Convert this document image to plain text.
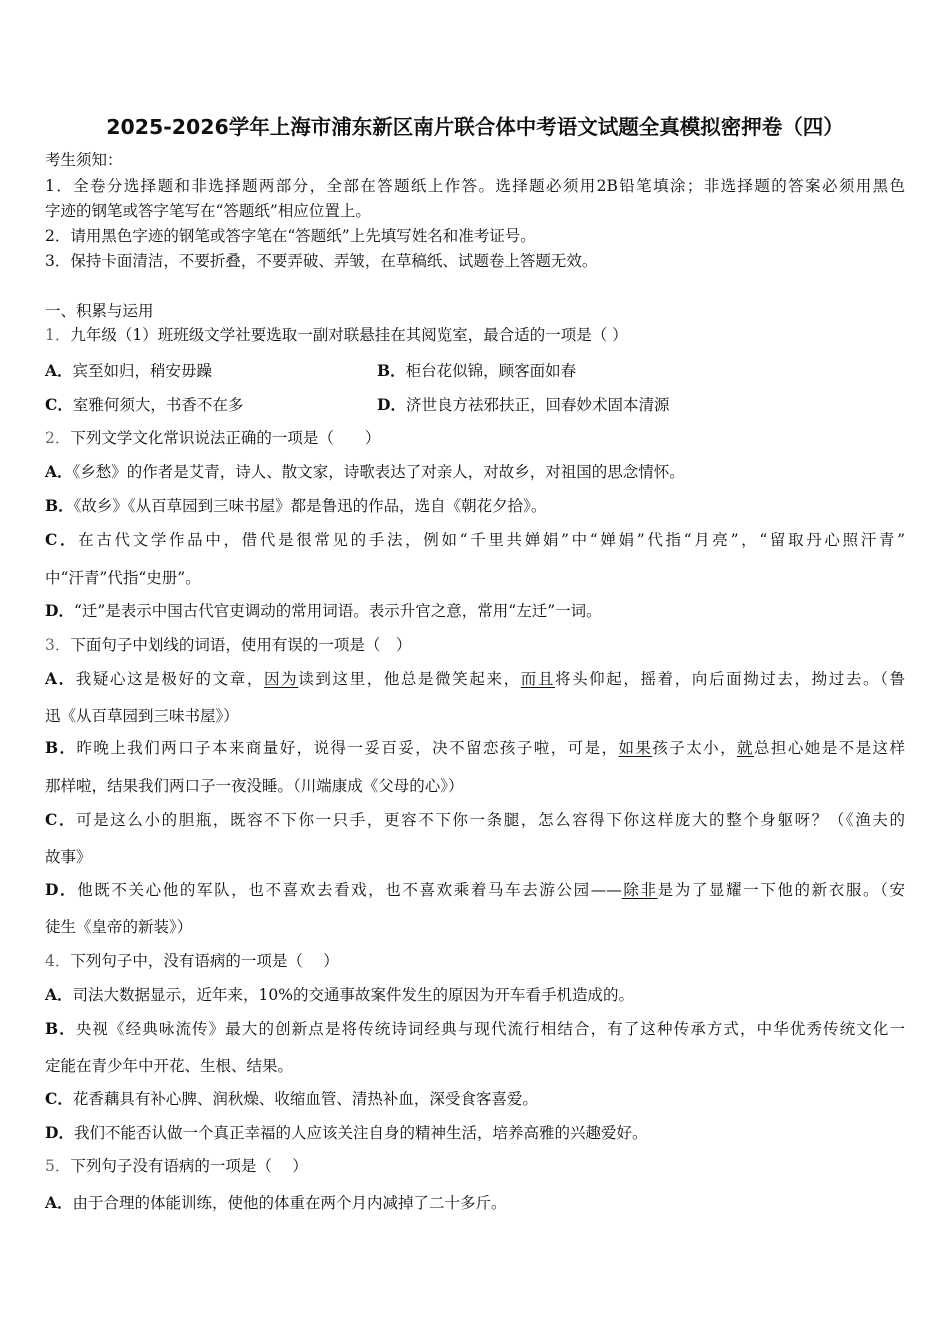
2025-2026学年上海市浦东新区南片联合体中考语文试题全真模拟密押卷（四）
考生须知：
1．全卷分选择题和非选择题两部分，全部在答题纸上作答。选择题必须用2B铅笔填涂；非选择题的答案必须用黑色
字迹的钢笔或答字笔写在“答题纸”相应位置上。
2．请用黑色字迹的钢笔或答字笔在“答题纸”上先填写姓名和准考证号。
3．保持卡面清洁，不要折叠，不要弄破、弄皱，在草稿纸、试题卷上答题无效。
一、积累与运用
1．九年级（1）班班级文学社要选取一副对联悬挂在其阅览室，最合适的一项是（ ）
A．宾至如归，稍安毋躁	B．柜台花似锦，顾客面如春
C．室雅何须大，书香不在多	D．济世良方祛邪扶正，回春妙术固本清源
2．下列文学文化常识说法正确的一项是（　　）
A．《乡愁》的作者是艾青，诗人、散文家，诗歌表达了对亲人，对故乡，对祖国的思念情怀。
B．《故乡》《从百草园到三味书屋》都是鲁迅的作品，选自《朝花夕拾》。
C．在古代文学作品中，借代是很常见的手法，例如“千里共婵娟”中“婵娟”代指“月亮”，“留取丹心照汗青”
中“汗青”代指“史册”。
D．“迁”是表示中国古代官吏调动的常用词语。表示升官之意，常用“左迁”一词。
3．下面句子中划线的词语，使用有误的一项是（　）
A．我疑心这是极好的文章，因为读到这里，他总是微笑起来，而且将头仰起，摇着，向后面拗过去，拗过去。（鲁
迅《从百草园到三味书屋》）
B．昨晚上我们两口子本来商量好，说得一妥百妥，决不留恋孩子啦，可是，如果孩子太小，就总担心她是不是这样
那样啦，结果我们两口子一夜没睡。（川端康成《父母的心》）
C．可是这么小的胆瓶，既容不下你一只手，更容不下你一条腿，怎么容得下你这样庞大的整个身躯呀？（《渔夫的
故事》
D．他既不关心他的军队，也不喜欢去看戏，也不喜欢乘着马车去游公园——除非是为了显耀一下他的新衣服。（安
徒生《皇帝的新装》）
4．下列句子中，没有语病的一项是（　 ）
A．司法大数据显示，近年来，10%的交通事故案件发生的原因为开车看手机造成的。
B．央视《经典咏流传》最大的创新点是将传统诗词经典与现代流行相结合，有了这种传承方式，中华优秀传统文化一
定能在青少年中开花、生根、结果。
C．花香藕具有补心脾、润秋燥、收缩血管、清热补血，深受食客喜爱。
D．我们不能否认做一个真正幸福的人应该关注自身的精神生活，培养高雅的兴趣爱好。
5．下列句子没有语病的一项是（　 ）
A．由于合理的体能训练，使他的体重在两个月内减掉了二十多斤。
